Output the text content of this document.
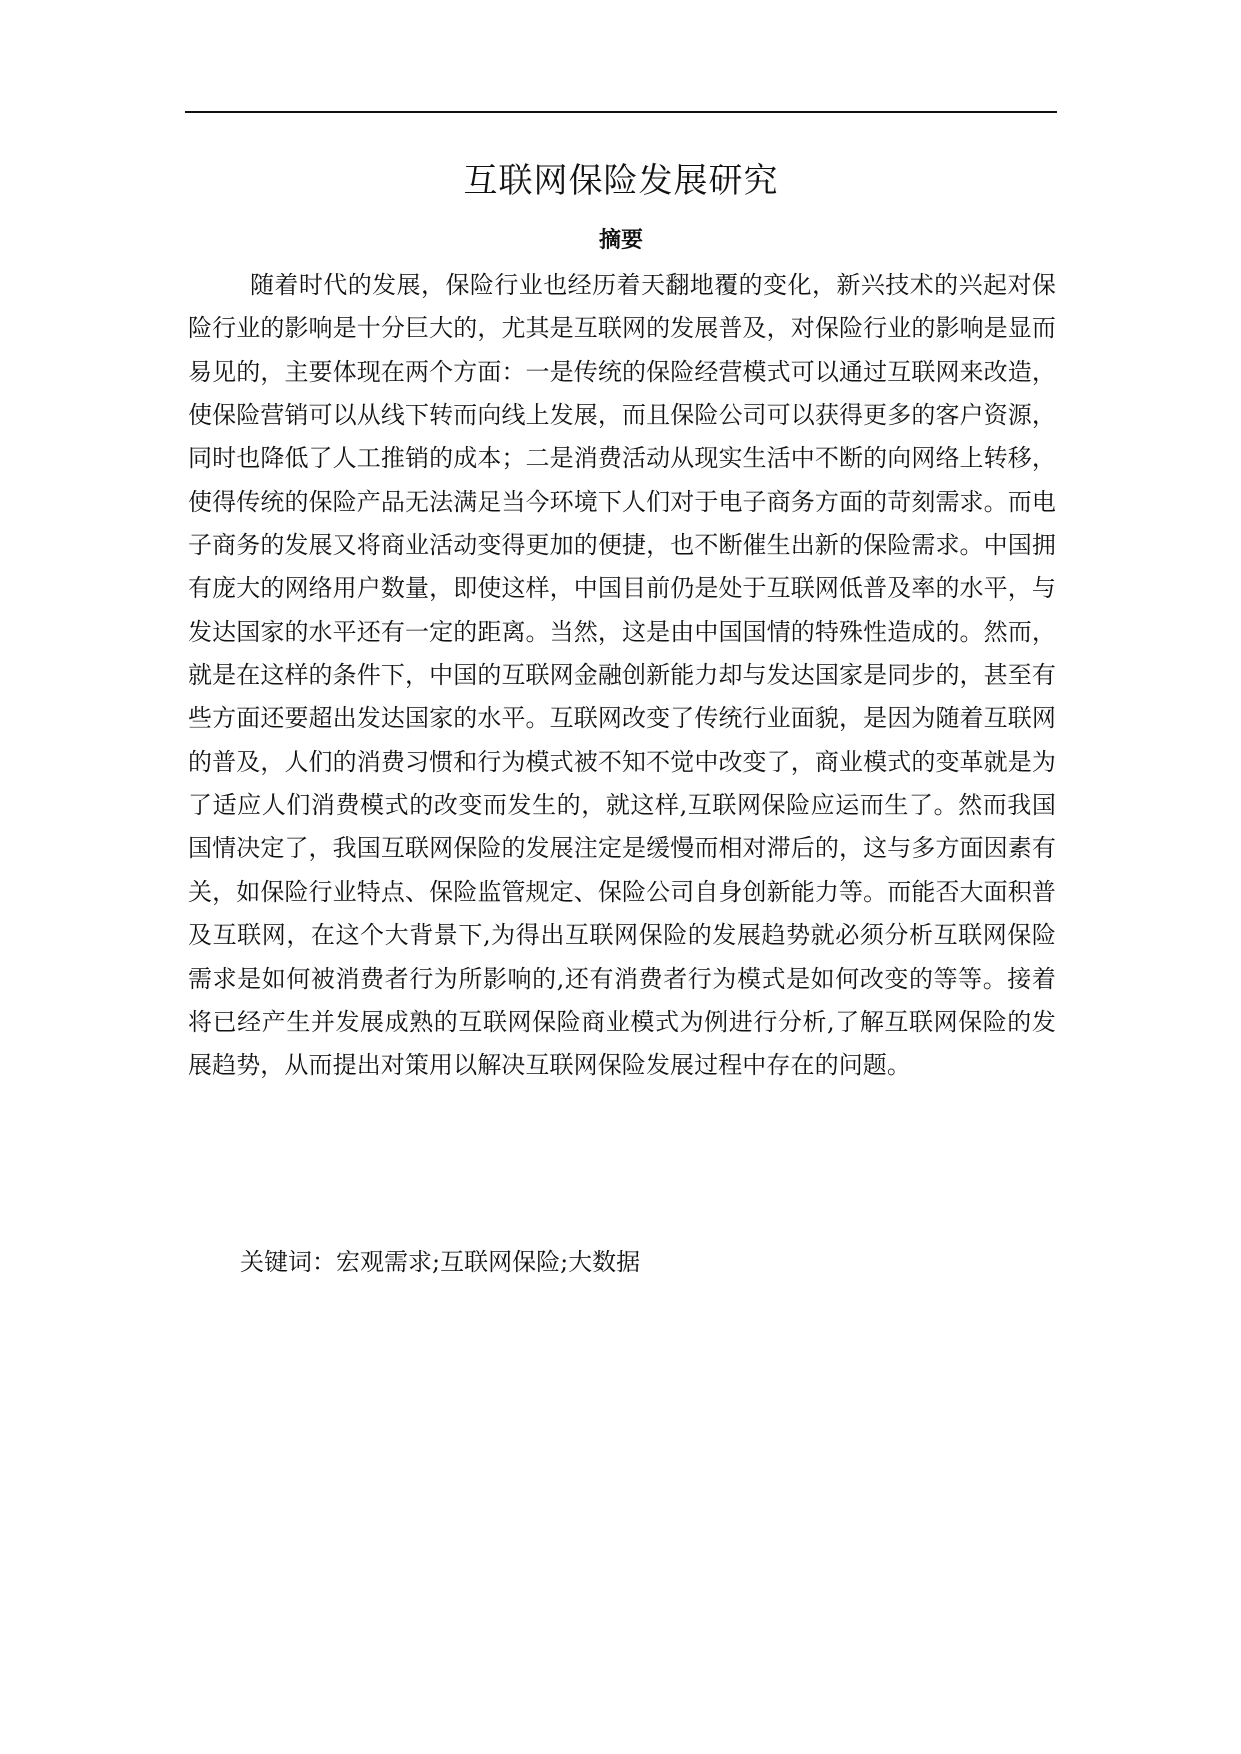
互联网保险发展研究
摘要

随着时代的发展，保险行业也经历着天翻地覆的变化，新兴技术的兴起对保险行业的影响是十分巨大的，尤其是互联网的发展普及，对保险行业的影响是显而易见的，主要体现在两个方面：一是传统的保险经营模式可以通过互联网来改造，使保险营销可以从线下转而向线上发展，而且保险公司可以获得更多的客户资源，同时也降低了人工推销的成本；二是消费活动从现实生活中不断的向网络上转移，使得传统的保险产品无法满足当今环境下人们对于电子商务方面的苛刻需求。而电子商务的发展又将商业活动变得更加的便捷，也不断催生出新的保险需求。中国拥有庞大的网络用户数量，即使这样，中国目前仍是处于互联网低普及率的水平，与发达国家的水平还有一定的距离。当然，这是由中国国情的特殊性造成的。然而，就是在这样的条件下，中国的互联网金融创新能力却与发达国家是同步的，甚至有些方面还要超出发达国家的水平。互联网改变了传统行业面貌，是因为随着互联网的普及，人们的消费习惯和行为模式被不知不觉中改变了，商业模式的变革就是为了适应人们消费模式的改变而发生的，就这样,互联网保险应运而生了。然而我国国情决定了，我国互联网保险的发展注定是缓慢而相对滞后的，这与多方面因素有关，如保险行业特点、保险监管规定、保险公司自身创新能力等。而能否大面积普及互联网，在这个大背景下,为得出互联网保险的发展趋势就必须分析互联网保险需求是如何被消费者行为所影响的,还有消费者行为模式是如何改变的等等。接着将已经产生并发展成熟的互联网保险商业模式为例进行分析,了解互联网保险的发展趋势，从而提出对策用以解决互联网保险发展过程中存在的问题。

关键词：宏观需求;互联网保险;大数据
